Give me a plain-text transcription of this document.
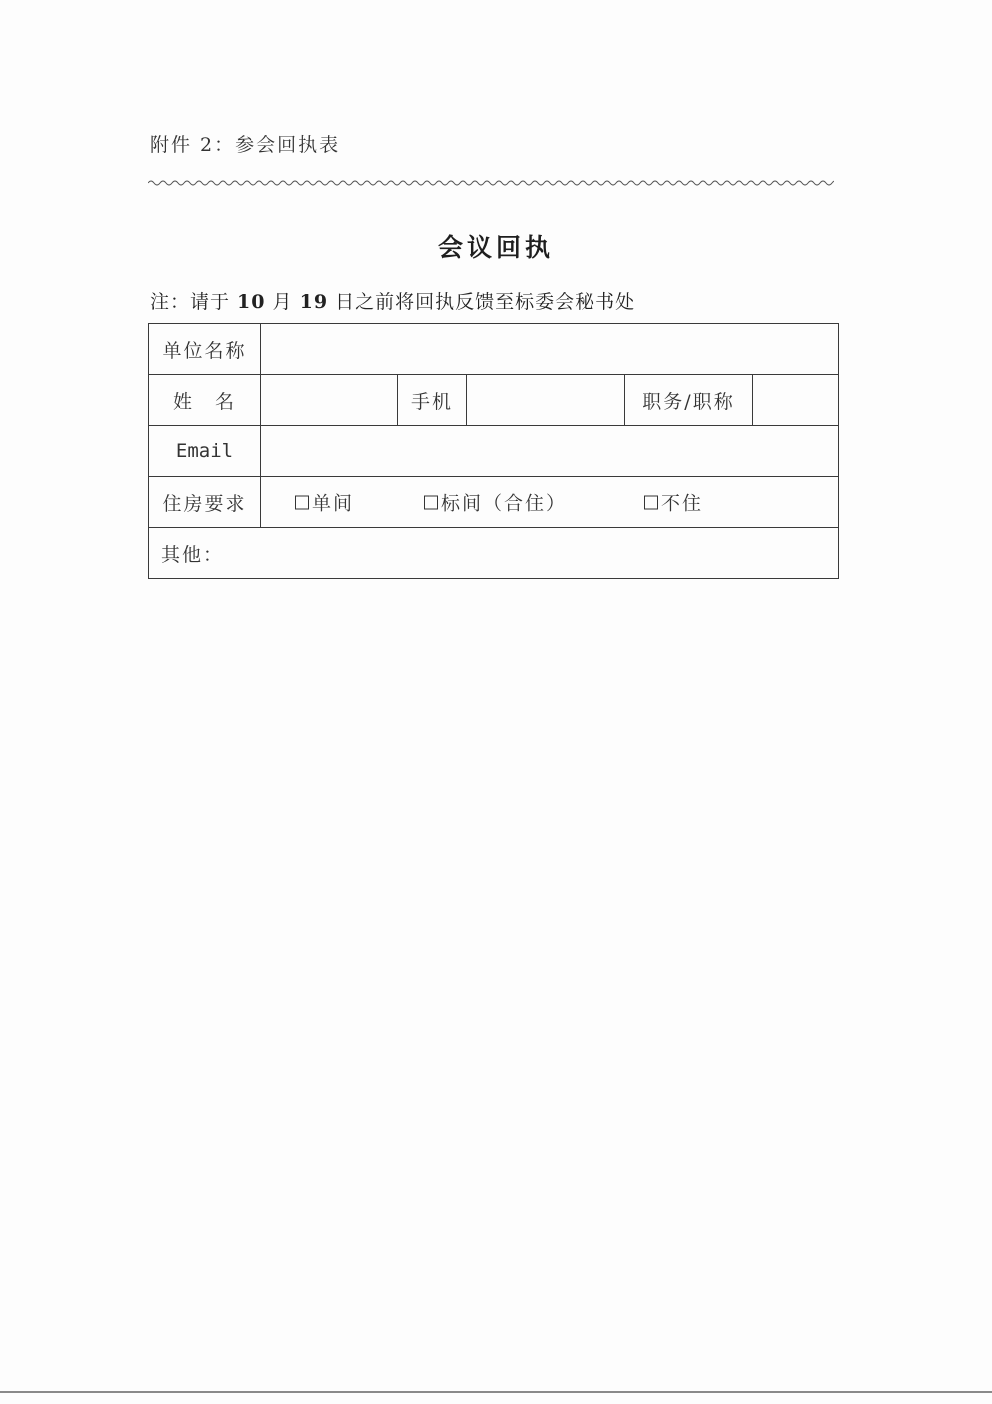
附件 2：参会回执表
会议回执
注：请于 10 月 19 日之前将回执反馈至标委会秘书处
单位名称					
姓　名		手机		职务/职称	
Email					
住房要求	单间 标间（合住） 不住				

其他：					
